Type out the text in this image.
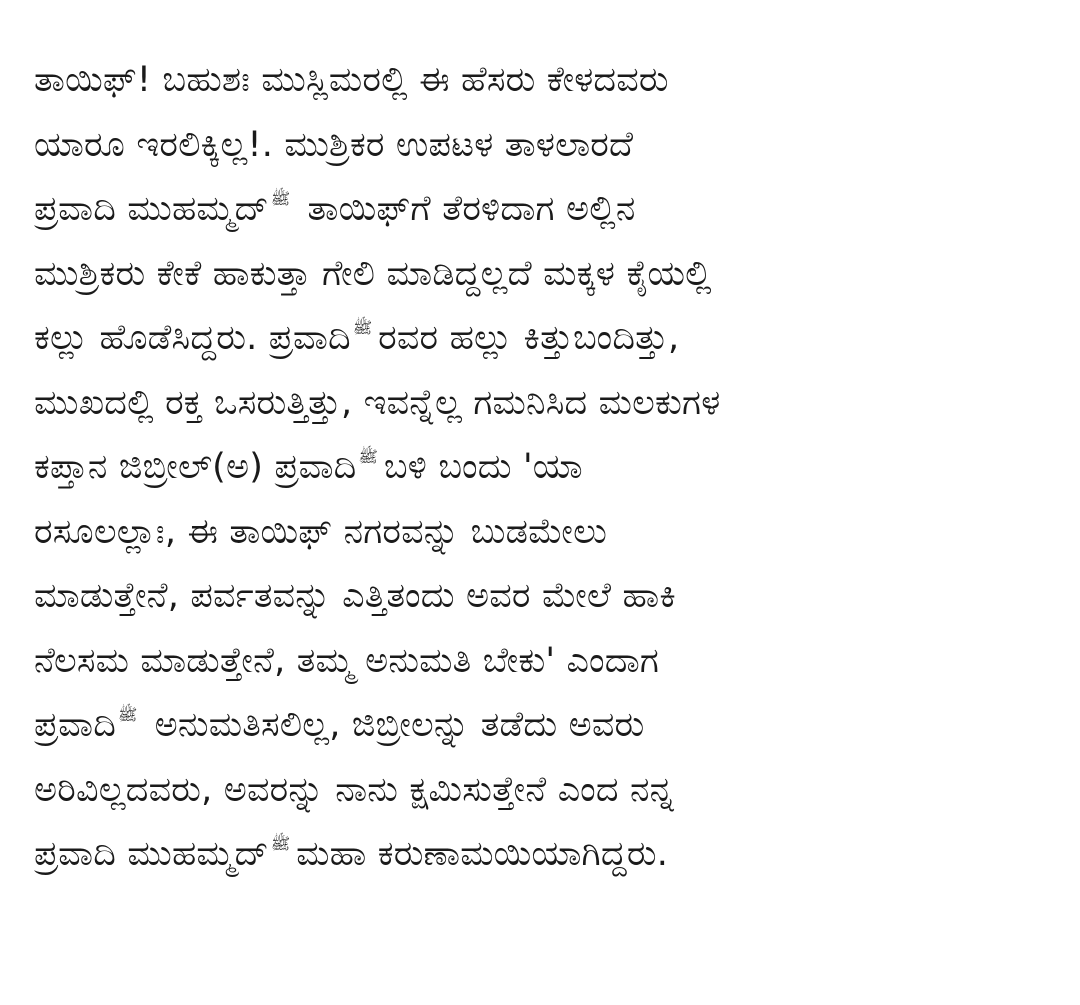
ತಾಯಿಫ್! ಬಹುಶಃ ಮುಸ್ಲಿಮರಲ್ಲಿ ಈ ಹೆಸರು ಕೇಳದವರು
ಯಾರೂ ಇರಲಿಕ್ಕಿಲ್ಲ!. ಮುಶ್ರಿಕರ ಉಪಟಳ ತಾಳಲಾರದೆ
ಪ್ರವಾದಿ ಮುಹಮ್ಮದ್ ﷺ ತಾಯಿಫ್‌ಗೆ ತೆರಳಿದಾಗ ಅಲ್ಲಿನ
ಮುಶ್ರಿಕರು ಕೇಕೆ ಹಾಕುತ್ತಾ ಗೇಲಿ ಮಾಡಿದ್ದಲ್ಲದೆ ಮಕ್ಕಳ ಕೈಯಲ್ಲಿ
ಕಲ್ಲು ಹೊಡೆಸಿದ್ದರು. ಪ್ರವಾದಿ ﷺ ರವರ ಹಲ್ಲು ಕಿತ್ತುಬಂದಿತ್ತು,
ಮುಖದಲ್ಲಿ ರಕ್ತ ಒಸರುತ್ತಿತ್ತು, ಇವನ್ನೆಲ್ಲ ಗಮನಿಸಿದ ಮಲಕುಗಳ
ಕಪ್ತಾನ ಜಿಬ್ರೀಲ್(ಅ) ಪ್ರವಾದಿ ﷺ ಬಳಿ ಬಂದು 'ಯಾ
ರಸೂಲಲ್ಲಾಃ, ಈ ತಾಯಿಫ್ ನಗರವನ್ನು ಬುಡಮೇಲು
ಮಾಡುತ್ತೇನೆ, ಪರ್ವತವನ್ನು ಎತ್ತಿತಂದು ಅವರ ಮೇಲೆ ಹಾಕಿ
ನೆಲಸಮ ಮಾಡುತ್ತೇನೆ, ತಮ್ಮ ಅನುಮತಿ ಬೇಕು' ಎಂದಾಗ
ಪ್ರವಾದಿ ﷺ ಅನುಮತಿಸಲಿಲ್ಲ, ಜಿಬ್ರೀಲನ್ನು ತಡೆದು ಅವರು
ಅರಿವಿಲ್ಲದವರು, ಅವರನ್ನು ನಾನು ಕ್ಷಮಿಸುತ್ತೇನೆ ಎಂದ ನನ್ನ
ಪ್ರವಾದಿ ಮುಹಮ್ಮದ್ ﷺ ಮಹಾ ಕರುಣಾಮಯಿಯಾಗಿದ್ದರು.
